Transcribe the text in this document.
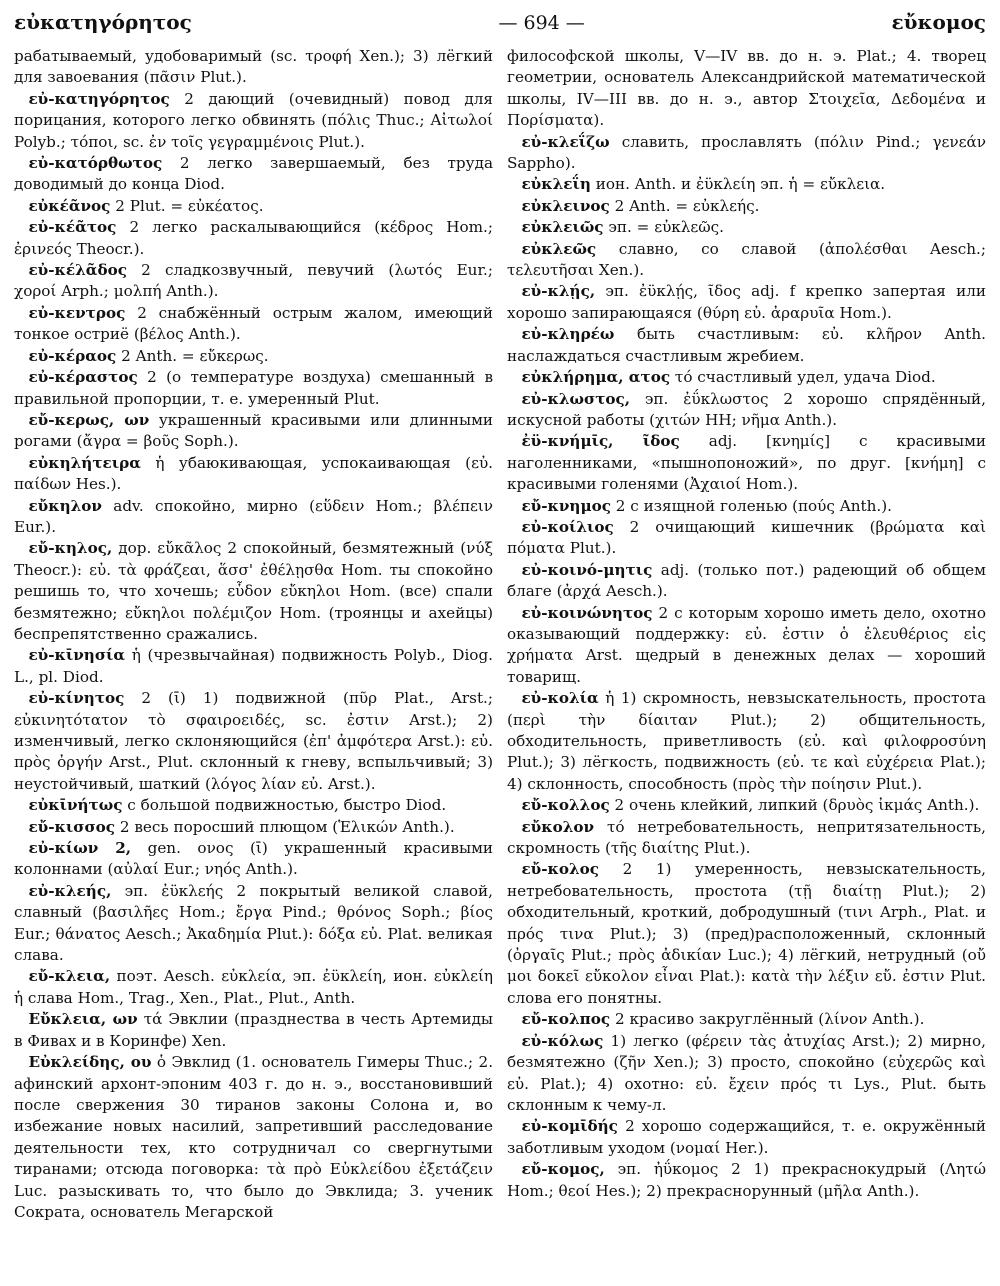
εὐκατηγόρητος	— 694 —	εὔκομος

рабатываемый, удобоваримый (sc. τροφή Xen.); 3) лёгкий для завоевания (πᾶσιν Plut.).

εὐ-κατηγόρητος 2 дающий (очевидный) повод для порицания, которого легко обвинять (πόλις Thuc.; Αἰτωλοί Polyb.; τόποι, sc. ἐν τοῖς γεγραμμένοις Plut.).

εὐ-κατόρθωτος 2 легко завершаемый, без труда доводимый до конца Diod.

εὐκέᾶνος 2 Plut. = εὐκέατος.

εὐ-κέᾶτος 2 легко раскалывающийся (κέδρος Hom.; ἐρινεός Theocr.).

εὐ-κέλᾶδος 2 сладкозвучный, певучий (λωτός Eur.; χοροί Arph.; μολπή Anth.).

εὐ-κεντρος 2 снабжённый острым жалом, имеющий тонкое остриё (βέλος Anth.).

εὐ-κέραος 2 Anth. = εὔκερως.

εὐ-κέραστος 2 (о температуре воздуха) смешанный в правильной пропорции, т. е. умеренный Plut.

εὔ-κερως, ων украшенный красивыми или длинными рогами (ἄγρα = βοῦς Soph.).

εὐκηλήτειρα ἡ убаюкивающая, успокаивающая (εὐ. παίδων Hes.).

εὔκηλον adv. спокойно, мирно (εὕδειν Hom.; βλέπειν Eur.).

εὔ-κηλος, дор. εὔκᾶλος 2 спокойный, безмятежный (νύξ Theocr.): εὐ. τὰ φράζεαι, ἅσσ' ἐθέλῃσθα Hom. ты спокойно решишь то, что хочешь; εὗδον εὔκηλοι Hom. (все) спали безмятежно; εὔκηλοι πολέμιζον Hom. (троянцы и ахейцы) беспрепятственно сражались.

εὐ-κῑνησία ἡ (чрезвычайная) подвижность Polyb., Diog. L., pl. Diod.

εὐ-κίνητος 2 (ῑ) 1) подвижной (πῦρ Plat., Arst.; εὐκινητότατον τὸ σφαιροειδές, sc. ἐστιν Arst.); 2) изменчивый, легко склоняющийся (ἐπ' ἀμφότερα Arst.): εὐ. πρὸς ὀργήν Arst., Plut. склонный к гневу, вспыльчивый; 3) неустойчивый, шаткий (λόγος λίαν εὐ. Arst.).

εὐκῑνήτως с большой подвижностью, быстро Diod.

εὔ-κισσος 2 весь поросший плющом (Ἑλικών Anth.).

εὐ-κίων 2, gen. ονος (ῑ) украшенный красивыми колоннами (αὐλαί Eur.; νηός Anth.).

εὐ-κλεής, эп. ἐϋκλεής 2 покрытый великой славой, славный (βασιλῆες Hom.; ἔργα Pind.; θρόνος Soph.; βίος Eur.; θάνατος Aesch.; Ἀκαδημία Plut.): δόξα εὐ. Plat. великая слава.

εὔ-κλεια, поэт. Aesch. εὐκλεία, эп. ἐϋκλείη, ион. εὐκλείη ἡ слава Hom., Trag., Xen., Plat., Plut., Anth.

Εὔκλεια, ων τά Эвклии (празднества в честь Артемиды в Фивах и в Коринфе) Xen.

Εὐκλείδης, ου ὁ Эвклид (1. основатель Гимеры Thuc.; 2. афинский архонт-эпоним 403 г. до н. э., восстановивший после свержения 30 тиранов законы Солона и, во избежание новых насилий, запретивший расследование деятельности тех, кто сотрудничал со свергнутыми тиранами; отсюда поговорка: τὰ πρὸ Εὐκλείδου ἐξετάζειν Luc. разыскивать то, что было до Эвклида; 3. ученик Сократа, основатель Мегарской

философской школы, V—IV вв. до н. э. Plat.; 4. творец геометрии, основатель Александрийской математической школы, IV—III вв. до н. э., автор Στοιχεῖα, Δεδομένα и Πορίσματα).

εὐ-κλεΐζω славить, прославлять (πόλιν Pind.; γενεάν Sappho).

εὐκλεΐη ион. Anth. и ἐϋκλείη эп. ἡ = εὔκλεια.

εὐκλεινος 2 Anth. = εὐκλεής.

εὐκλειῶς эп. = εὐκλεῶς.

εὐκλεῶς славно, со славой (ἀπολέσθαι Aesch.; τελευτῆσαι Xen.).

εὐ-κλῄς, эп. ἐϋκλῄς, ῖδος adj. f крепко запертая или хорошо запирающаяся (θύρη εὐ. ἀραρυῖα Hom.).

εὐ-κληρέω быть счастливым: εὐ. κλῆρον Anth. наслаждаться счастливым жребием.

εὐκλήρημα, ατος τό счастливый удел, удача Diod.

εὐ-κλωστος, эп. ἐΰκλωστος 2 хорошо спрядённый, искусной работы (χιτών HH; νῆμα Anth.).

ἐϋ-κνήμῑς, ῖδος adj. [κνημίς] с красивыми наголенниками, «пышнопоножий», по друг. [κνήμη] с красивыми голенями (Ἀχαιοί Hom.).

εὔ-κνημος 2 с изящной голенью (πούς Anth.).

εὐ-κοίλιος 2 очищающий кишечник (βρώματα καὶ πόματα Plut.).

εὐ-κοινό-μητις adj. (только пот.) радеющий об общем благе (ἀρχά Aesch.).

εὐ-κοινώνητος 2 с которым хорошо иметь дело, охотно оказывающий поддержку: εὐ. ἐστιν ὁ ἐλευθέριος εἰς χρήματα Arst. щедрый в денежных делах — хороший товарищ.

εὐ-κολία ἡ 1) скромность, невзыскательность, простота (περὶ τὴν δίαιταν Plut.); 2) общительность, обходительность, приветливость (εὐ. καὶ φιλοφροσύνη Plut.); 3) лёгкость, подвижность (εὐ. τε καὶ εὐχέρεια Plat.); 4) склонность, способность (πρὸς τὴν ποίησιν Plut.).

εὔ-κολλος 2 очень клейкий, липкий (δρυὸς ἰκμάς Anth.).

εὔκολον τό нетребовательность, непритязательность, скромность (τῆς διαίτης Plut.).

εὔ-κολος 2 1) умеренность, невзыскательность, нетребовательность, простота (τῇ διαίτῃ Plut.); 2) обходительный, кроткий, добродушный (τινι Arph., Plat. и πρός τινα Plut.); 3) (пред)расположенный, склонный (ὀργαῖς Plut.; πρὸς ἀδικίαν Luc.); 4) лёгкий, нетрудный (οὔ μοι δοκεῖ εὔκολον εἶναι Plat.): κατὰ τὴν λέξιν εὔ. ἐστιν Plut. слова его понятны.

εὔ-κολπος 2 красиво закруглённый (λίνον Anth.).

εὐ-κόλως 1) легко (φέρειν τὰς ἀτυχίας Arst.); 2) мирно, безмятежно (ζῆν Xen.); 3) просто, спокойно (εὐχερῶς καὶ εὐ. Plat.); 4) охотно: εὐ. ἔχειν πρός τι Lys., Plut. быть склонным к чему-л.

εὐ-κομῑδής 2 хорошо содержащийся, т. е. окружённый заботливым уходом (νομαί Her.).

εὔ-κομος, эп. ἠΰκομος 2 1) прекраснокудрый (Λητώ Hom.; θεοί Hes.); 2) прекраснорунный (μῆλα Anth.).
